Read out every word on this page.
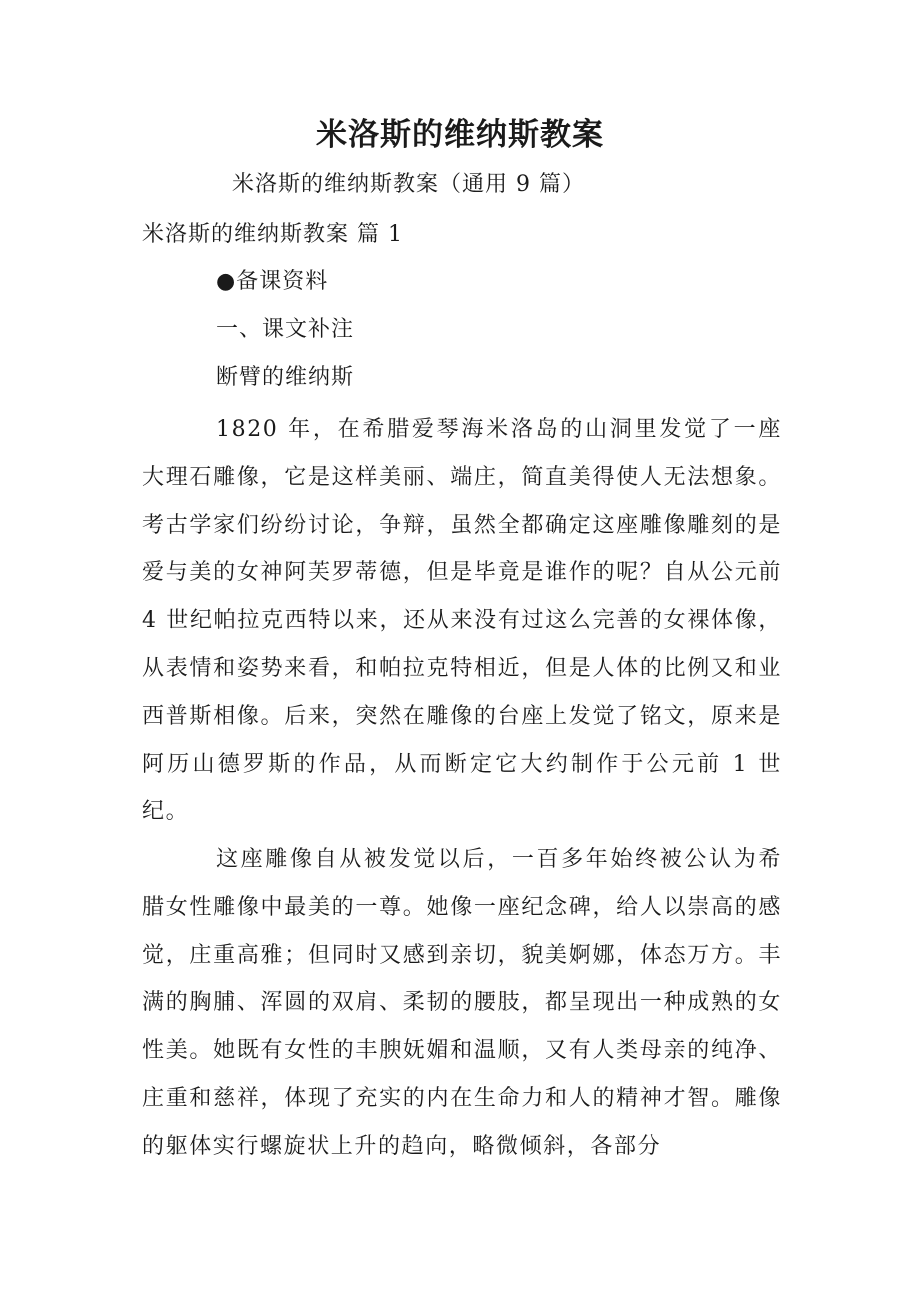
米洛斯的维纳斯教案
米洛斯的维纳斯教案（通用 9 篇）
米洛斯的维纳斯教案 篇 1
●备课资料
一、课文补注
断臂的维纳斯

1820 年，在希腊爱琴海米洛岛的山洞里发觉了一座大理石雕像，它是这样美丽、端庄，简直美得使人无法想象。考古学家们纷纷讨论，争辩，虽然全都确定这座雕像雕刻的是爱与美的女神阿芙罗蒂德，但是毕竟是谁作的呢？自从公元前 4 世纪帕拉克西特以来，还从来没有过这么完善的女裸体像，从表情和姿势来看，和帕拉克特相近，但是人体的比例又和业西普斯相像。后来，突然在雕像的台座上发觉了铭文，原来是阿历山德罗斯的作品，从而断定它大约制作于公元前 1 世纪。

这座雕像自从被发觉以后，一百多年始终被公认为希腊女性雕像中最美的一尊。她像一座纪念碑，给人以崇高的感觉，庄重高雅；但同时又感到亲切，貌美婀娜，体态万方。丰满的胸脯、浑圆的双肩、柔韧的腰肢，都呈现出一种成熟的女性美。她既有女性的丰腴妩媚和温顺，又有人类母亲的纯净、庄重和慈祥，体现了充实的内在生命力和人的精神才智。雕像的躯体实行螺旋状上升的趋向，略微倾斜，各部分
